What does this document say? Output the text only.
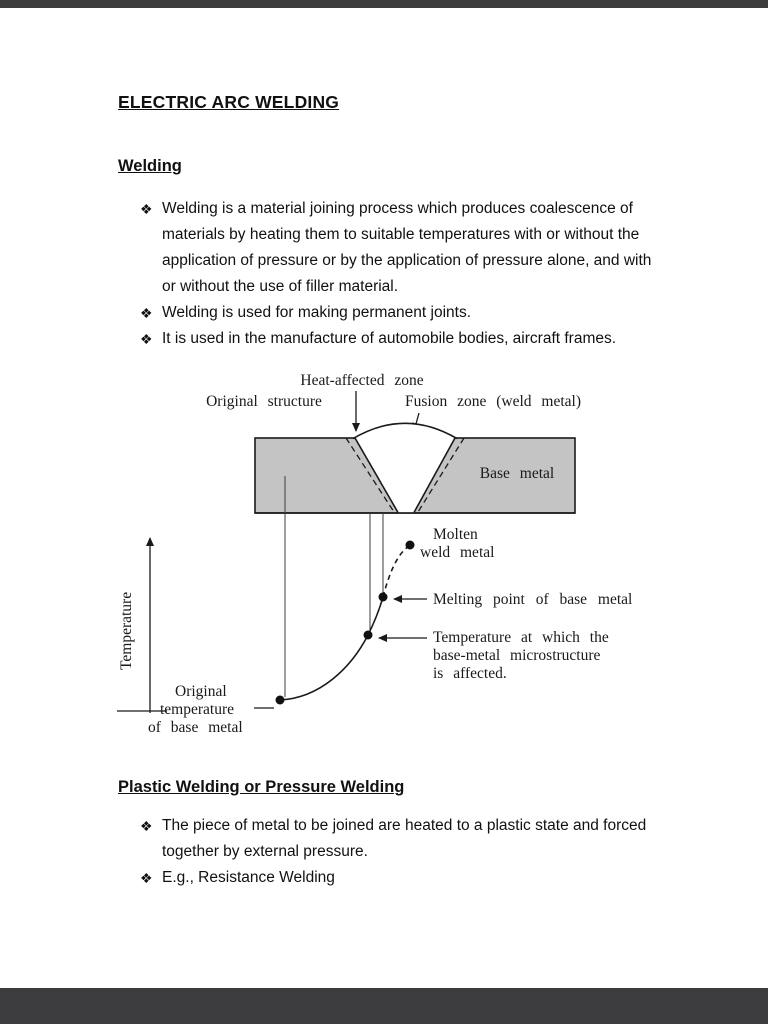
ELECTRIC ARC WELDING
Welding
❖ Welding is a material joining process which produces coalescence of materials by heating them to suitable temperatures with or without the application of pressure or by the application of pressure alone, and with or without the use of filler material.
❖ Welding is used for making permanent joints.
❖ It is used in the manufacture of automobile bodies, aircraft frames.
Heat-affected zone
Original structure	Fusion zone (weld metal)
Base metal
Temperature
Molten
weld metal
Melting point of base metal
Temperature at which the
base-metal microstructure
is affected.
Original
temperature
of base metal
Plastic Welding or Pressure Welding
❖ The piece of metal to be joined are heated to a plastic state and forced together by external pressure.
❖ E.g., Resistance Welding
